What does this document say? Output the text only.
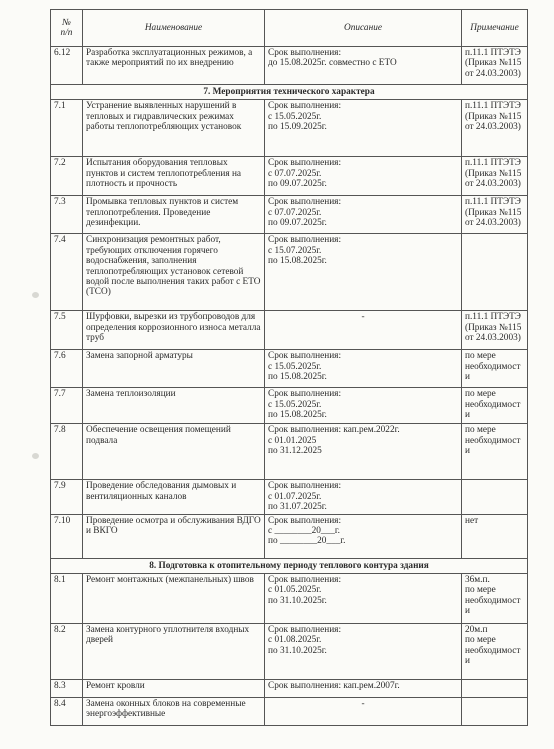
№
п/п	Наименование	Описание	Примечание
6.12	Разработка эксплуатационных режимов, а также мероприятий по их внедрению	Срок выполнения:
до 15.08.2025г. совместно с ЕТО	п.11.1 ПТЭТЭ (Приказ №115 от 24.03.2003)
7. Мероприятия технического характера			
7.1	Устранение выявленных нарушений в тепловых и гидравлических режимах работы теплопотребляющих установок	Срок выполнения:
с 15.05.2025г.
по 15.09.2025г.	п.11.1 ПТЭТЭ (Приказ №115 от 24.03.2003)
7.2	Испытания оборудования тепловых пунктов и систем теплопотребления на плотность и прочность	Срок выполнения:
с 07.07.2025г.
по 09.07.2025г.	п.11.1 ПТЭТЭ (Приказ №115 от 24.03.2003)
7.3	Промывка тепловых пунктов и систем теплопотребления. Проведение дезинфекции.	Срок выполнения:
с 07.07.2025г.
по 09.07.2025г.	п.11.1 ПТЭТЭ (Приказ №115 от 24.03.2003)
7.4	Синхронизация ремонтных работ, требующих отключения горячего водоснабжения, заполнения теплопотребляющих установок сетевой водой после выполнения таких работ с ЕТО (ТСО)	Срок выполнения:
с 15.07.2025г.
по 15.08.2025г.	
7.5	Шурфовки, вырезки из трубопроводов для определения коррозионного износа металла труб	-	п.11.1 ПТЭТЭ (Приказ №115 от 24.03.2003)
7.6	Замена запорной арматуры	Срок выполнения:
с 15.05.2025г.
по 15.08.2025г.	по мере необходимост и
7.7	Замена теплоизоляции	Срок выполнения:
с 15.05.2025г.
по 15.08.2025г.	по мере необходимост и
7.8	Обеспечение освещения помещений подвала	Срок выполнения: кап.рем.2022г.
с 01.01.2025
по 31.12.2025	по мере необходимост и
7.9	Проведение обследования дымовых и вентиляционных каналов	Срок выполнения:
с 01.07.2025г.
по 31.07.2025г.	
7.10	Проведение осмотра и обслуживания ВДГО и ВКГО	Срок выполнения:
с ________20___г.
по ________20___г.	нет
8. Подготовка к отопительному периоду теплового контура здания			
8.1	Ремонт монтажных (межпанельных) швов	Срок выполнения:
с 01.05.2025г.
по 31.10.2025г.	36м.п.
по мере необходимост и
8.2	Замена контурного уплотнителя входных дверей	Срок выполнения:
с 01.08.2025г.
по 31.10.2025г.	20м.п
по мере необходимост и
8.3	Ремонт кровли	Срок выполнения: кап.рем.2007г.	
8.4	Замена оконных блоков на современные энергоэффективные	-	
